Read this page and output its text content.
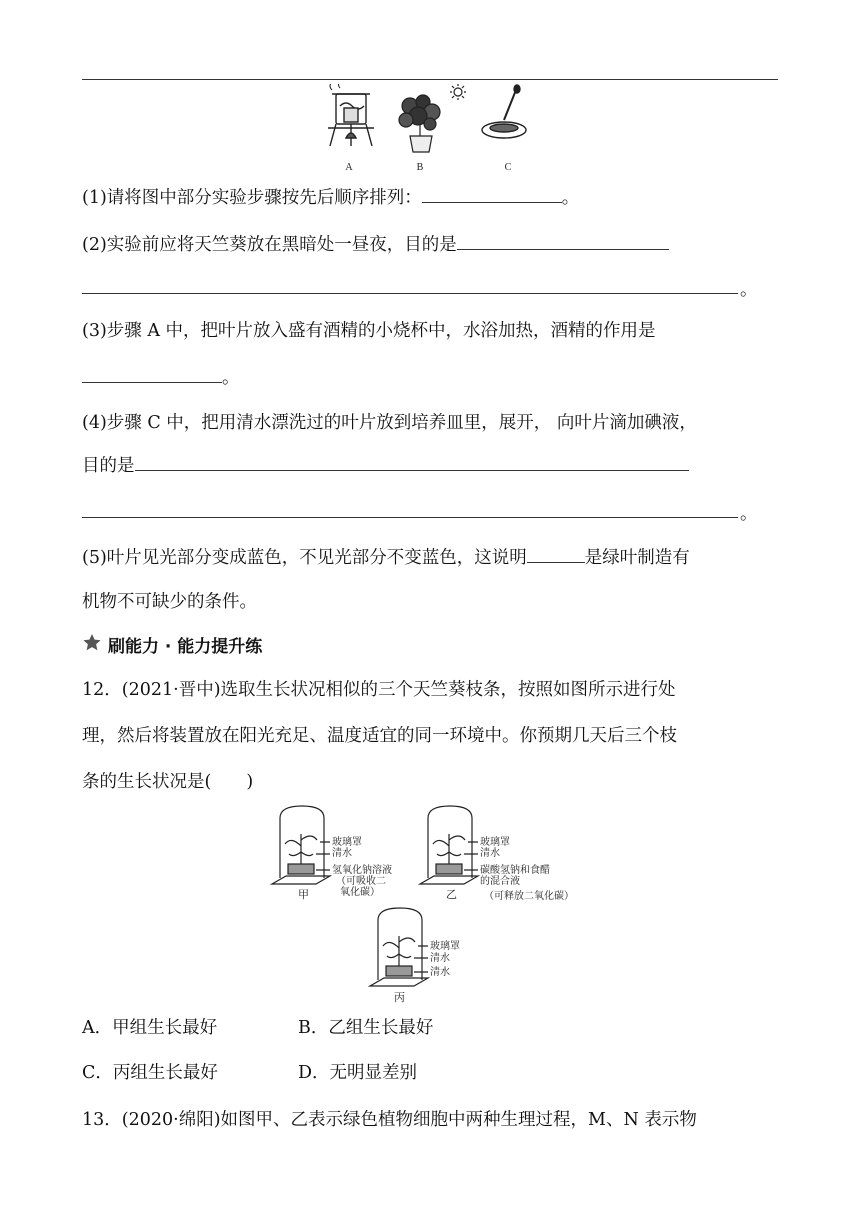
A	B	C
(1)请将图中部分实验步骤按先后顺序排列：	。
(2)实验前应将天竺葵放在黑暗处一昼夜，目的是
。
(3)步骤 A 中，把叶片放入盛有酒精的小烧杯中，水浴加热，酒精的作用是
。
(4)步骤 C 中，把用清水漂洗过的叶片放到培养皿里，展开， 向叶片滴加碘液，
目的是
。
(5)叶片见光部分变成蓝色，不见光部分不变蓝色，这说明	是绿叶制造有
机物不可缺少的条件。
刷能力 · 能力提升练
12．(2021·晋中)选取生长状况相似的三个天竺葵枝条，按照如图所示进行处
理，然后将装置放在阳光充足、温度适宜的同一环境中。你预期几天后三个枝
条的生长状况是(　　)
玻璃罩
清水
氢氧化钠溶液
（可吸收二
氧化碳）
甲
玻璃罩
清水
碳酸氢钠和食醋
的混合液
（可释放二氧化碳）
乙
玻璃罩
清水
清水
丙
A．甲组生长最好	B．乙组生长最好
C．丙组生长最好	D．无明显差别
13．(2020·绵阳)如图甲、乙表示绿色植物细胞中两种生理过程，M、N 表示物
